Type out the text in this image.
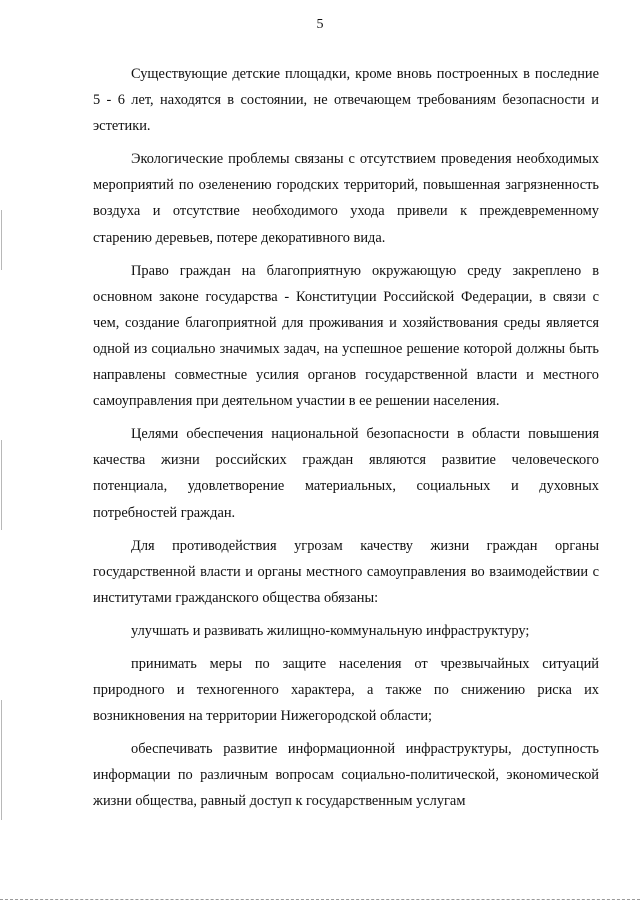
5

Существующие детские площадки, кроме вновь построенных в последние 5 - 6 лет, находятся в состоянии, не отвечающем требованиям безопасности и эстетики.

Экологические проблемы связаны с отсутствием проведения необходимых мероприятий по озеленению городских территорий, повышенная загрязненность воздуха и отсутствие необходимого ухода привели к преждевременному старению деревьев, потере декоративного вида.

Право граждан на благоприятную окружающую среду закреплено в основном законе государства - Конституции Российской Федерации, в связи с чем, создание благоприятной для проживания и хозяйствования среды является одной из социально значимых задач, на успешное решение которой должны быть направлены совместные усилия органов государственной власти и местного самоуправления при деятельном участии в ее решении населения.

Целями обеспечения национальной безопасности в области повышения качества жизни российских граждан являются развитие человеческого потенциала, удовлетворение материальных, социальных и духовных потребностей граждан.

Для противодействия угрозам качеству жизни граждан органы государственной власти и органы местного самоуправления во взаимодействии с институтами гражданского общества обязаны:

улучшать и развивать жилищно-коммунальную инфраструктуру;

принимать меры по защите населения от чрезвычайных ситуаций природного и техногенного характера, а также по снижению риска их возникновения на территории Нижегородской области;

обеспечивать развитие информационной инфраструктуры, доступность информации по различным вопросам социально-политической, экономической жизни общества, равный доступ к государственным услугам
